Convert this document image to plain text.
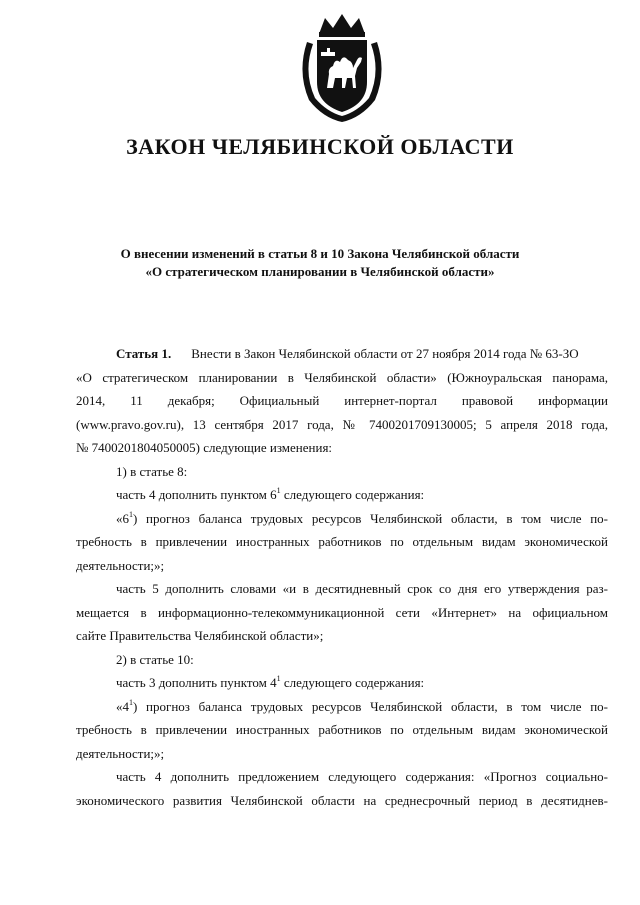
ЗАКОН ЧЕЛЯБИНСКОЙ ОБЛАСТИ
О внесении изменений в статьи 8 и 10 Закона Челябинской области
«О стратегическом планировании в Челябинской области»
Статья 1. Внести в Закон Челябинской области от 27 ноября 2014 года № 63-ЗО
«О стратегическом планировании в Челябинской области» (Южноуральская панорама,
2014, 11 декабря; Официальный интернет-портал правовой информации
(www.pravo.gov.ru), 13 сентября 2017 года, № 7400201709130005; 5 апреля 2018 года,
№ 7400201804050005) следующие изменения:
1) в статье 8:
часть 4 дополнить пунктом $6^1$ следующего содержания:
«$6^1$) прогноз баланса трудовых ресурсов Челябинской области, в том числе по-
требность в привлечении иностранных работников по отдельным видам экономической
деятельности;»;
часть 5 дополнить словами «и в десятидневный срок со дня его утверждения раз-
мещается в информационно-телекоммуникационной сети «Интернет» на официальном
сайте Правительства Челябинской области»;
2) в статье 10:
часть 3 дополнить пунктом $4^1$ следующего содержания:
«$4^1$) прогноз баланса трудовых ресурсов Челябинской области, в том числе по-
требность в привлечении иностранных работников по отдельным видам экономической
деятельности;»;
часть 4 дополнить предложением следующего содержания: «Прогноз социально-
экономического развития Челябинской области на среднесрочный период в десятиднев-
